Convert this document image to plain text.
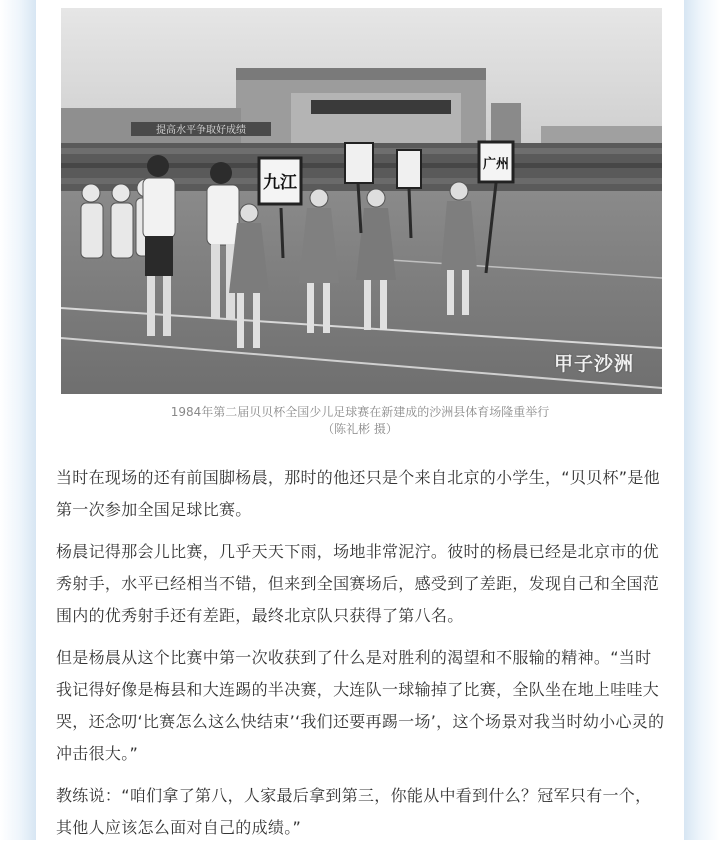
九江
广州
提高水平争取好成绩
甲子沙洲
1984年第二届贝贝杯全国少儿足球赛在新建成的沙洲县体育场隆重举行
（陈礼彬 摄）

当时在现场的还有前国脚杨晨，那时的他还只是个来自北京的小学生，“贝贝杯”是他第一次参加全国足球比赛。

杨晨记得那会儿比赛，几乎天天下雨，场地非常泥泞。彼时的杨晨已经是北京市的优秀射手，水平已经相当不错，但来到全国赛场后，感受到了差距，发现自己和全国范围内的优秀射手还有差距，最终北京队只获得了第八名。

但是杨晨从这个比赛中第一次收获到了什么是对胜利的渴望和不服输的精神。“当时我记得好像是梅县和大连踢的半决赛，大连队一球输掉了比赛，全队坐在地上哇哇大哭，还念叨‘比赛怎么这么快结束’‘我们还要再踢一场’，这个场景对我当时幼小心灵的冲击很大。”

教练说：“咱们拿了第八，人家最后拿到第三，你能从中看到什么？冠军只有一个，其他人应该怎么面对自己的成绩。”
